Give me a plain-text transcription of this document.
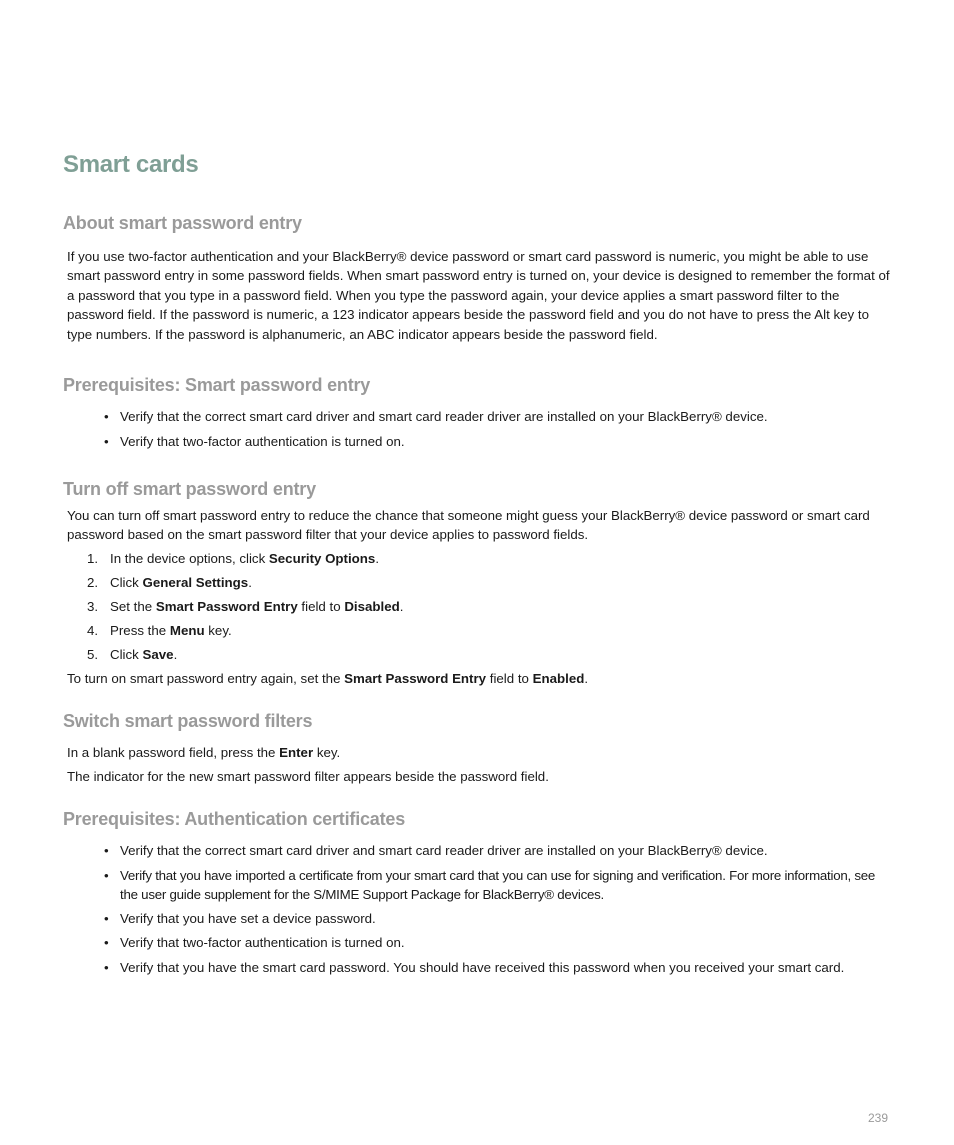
Smart cards
About smart password entry

If you use two-factor authentication and your BlackBerry® device password or smart card password is numeric, you might be able to use smart password entry in some password fields. When smart password entry is turned on, your device is designed to remember the format of a password that you type in a password field. When you type the password again, your device applies a smart password filter to the password field. If the password is numeric, a 123 indicator appears beside the password field and you do not have to press the Alt key to type numbers. If the password is alphanumeric, an ABC indicator appears beside the password field.

Prerequisites: Smart password entry
• Verify that the correct smart card driver and smart card reader driver are installed on your BlackBerry® device.
• Verify that two-factor authentication is turned on.
Turn off smart password entry

You can turn off smart password entry to reduce the chance that someone might guess your BlackBerry® device password or smart card password based on the smart password filter that your device applies to password fields.

1. In the device options, click Security Options.
2. Click General Settings.
3. Set the Smart Password Entry field to Disabled.
4. Press the Menu key.
5. Click Save.
To turn on smart password entry again, set the Smart Password Entry field to Enabled.
Switch smart password filters
In a blank password field, press the Enter key.
The indicator for the new smart password filter appears beside the password field.
Prerequisites: Authentication certificates
• Verify that the correct smart card driver and smart card reader driver are installed on your BlackBerry® device.
• Verify that you have imported a certificate from your smart card that you can use for signing and verification. For more information, see the user guide supplement for the S/MIME Support Package for BlackBerry® devices.
• Verify that you have set a device password.
• Verify that two-factor authentication is turned on.
• Verify that you have the smart card password. You should have received this password when you received your smart card.
239
